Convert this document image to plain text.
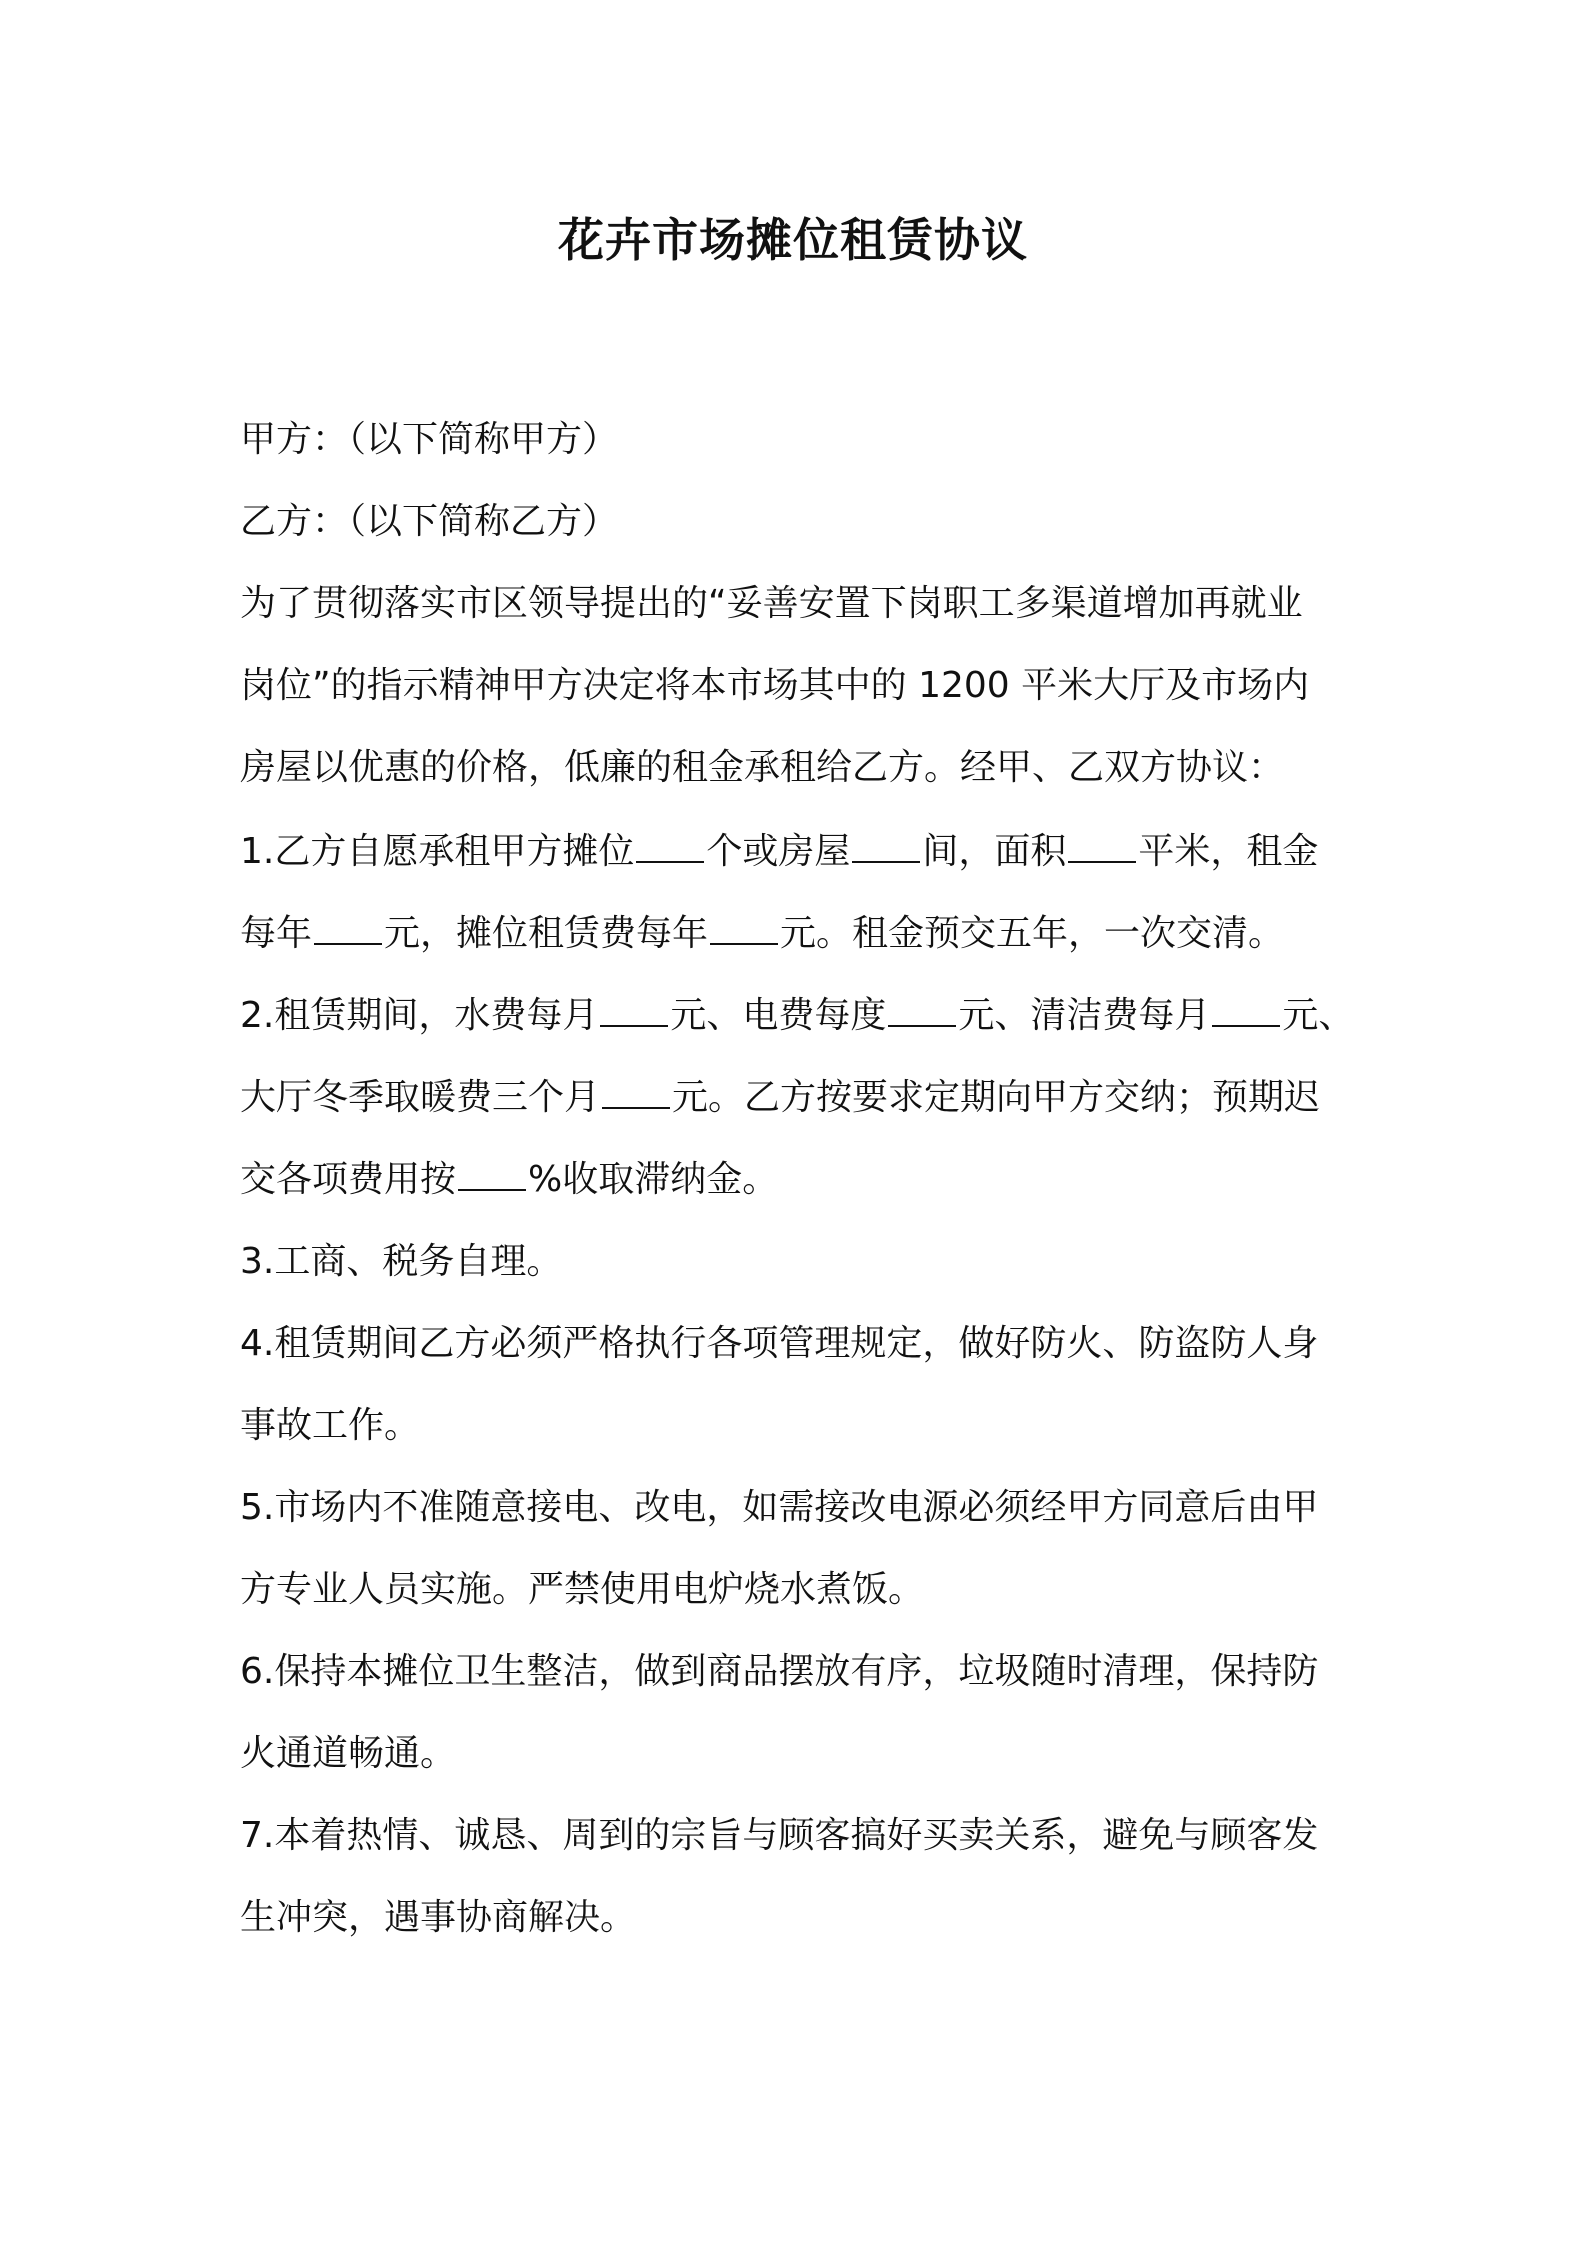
花卉市场摊位租赁协议
甲方：（以下简称甲方）
乙方：（以下简称乙方）
为了贯彻落实市区领导提出的“妥善安置下岗职工多渠道增加再就业
岗位”的指示精神甲方决定将本市场其中的 1200 平米大厅及市场内
房屋以优惠的价格，低廉的租金承租给乙方。经甲、乙双方协议：
1.乙方自愿承租甲方摊位 个或房屋 间，面积 平米，租金
每年 元，摊位租赁费每年 元。租金预交五年，一次交清。
2.租赁期间，水费每月 元、电费每度 元、清洁费每月 元、
大厅冬季取暖费三个月 元。乙方按要求定期向甲方交纳；预期迟
交各项费用按 %收取滞纳金。
3.工商、税务自理。
4.租赁期间乙方必须严格执行各项管理规定，做好防火、防盗防人身
事故工作。
5.市场内不准随意接电、改电，如需接改电源必须经甲方同意后由甲
方专业人员实施。严禁使用电炉烧水煮饭。
6.保持本摊位卫生整洁，做到商品摆放有序，垃圾随时清理，保持防
火通道畅通。
7.本着热情、诚恳、周到的宗旨与顾客搞好买卖关系，避免与顾客发
生冲突，遇事协商解决。
